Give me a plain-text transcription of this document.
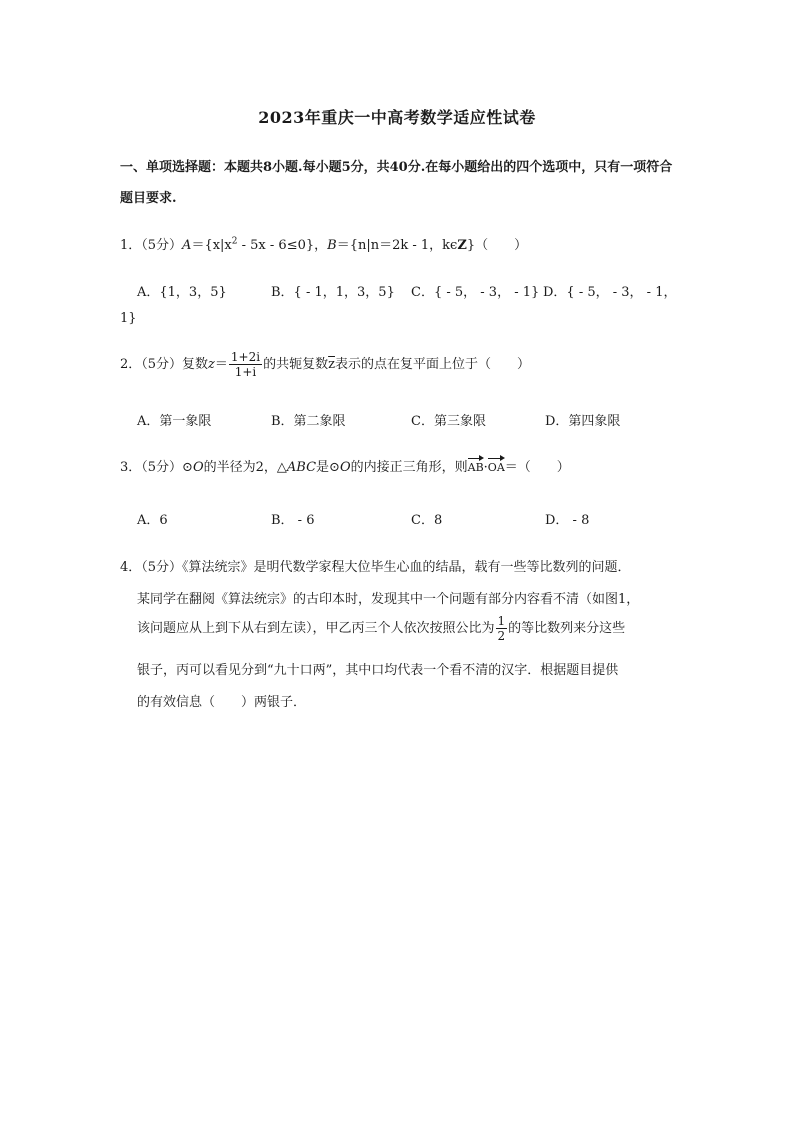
2023年重庆一中高考数学适应性试卷
一、单项选择题：本题共8小题.每小题5分，共40分.在每小题给出的四个选项中，只有一项符合题目要求.
1．（5分）$A=\{x|x^2 - 5x - 6\le 0\}$，B＝{n|n＝2k - 1，kϵZ}（　　）
A．{1，3，5}	B．{ - 1，1，3，5} C．{ - 5， - 3， - 1} D．{ - 5， - 3， - 1，
1}
2．（5分）复数$z= \frac{1+2i}{1+i}$ 的共轭复数$\overline{z}$表示的点在复平面上位于（　　）
A．第一象限	B．第二象限	C．第三象限	D．第四象限
3．（5分）⊙O的半径为2，△ABC是⊙O的内接正三角形，则AB·OA＝（　　）
A．6	B． - 6	C．8	D． - 8
4．（5分）《算法统宗》是明代数学家程大位毕生心血的结晶，载有一些等比数列的问题．
某同学在翻阅《算法统宗》的古印本时，发现其中一个问题有部分内容看不清（如图1，
该问题应从上到下从右到左读），甲乙丙三个人依次按照公比为 $\frac{1}{2}$ 的等比数列来分这些
银子，丙可以看见分到“九十口两”，其中口均代表一个看不清的汉字．根据题目提供
的有效信息（　　）两银子．
